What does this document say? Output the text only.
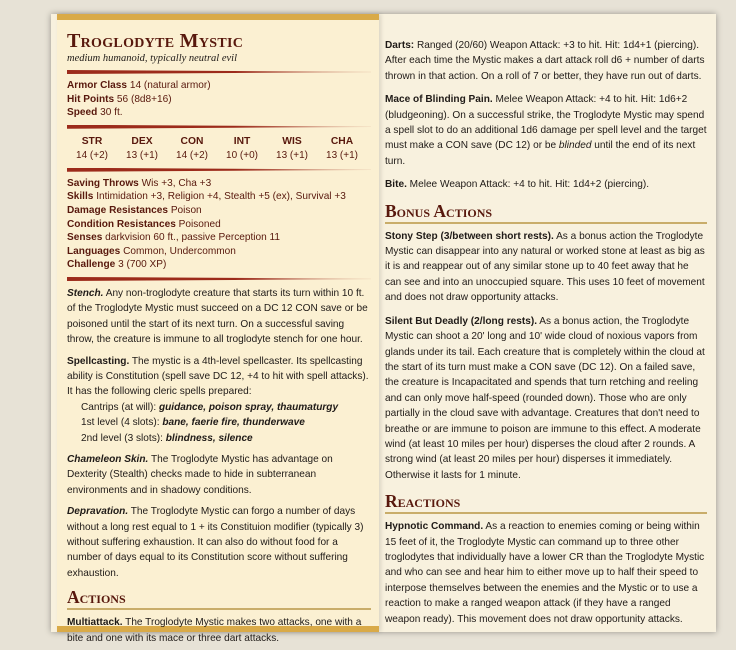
Troglodyte Mystic
medium humanoid, typically neutral evil
Armor Class 14 (natural armor)
Hit Points 56 (8d8+16)
Speed 30 ft.
STR
14 (+2)
DEX
13 (+1)
CON
14 (+2)
INT
10 (+0)
WIS
13 (+1)
CHA
13 (+1)
Saving Throws Wis +3, Cha +3
Skills Intimidation +3, Religion +4, Stealth +5 (ex), Survival +3
Damage Resistances Poison
Condition Resistances Poisoned
Senses darkvision 60 ft., passive Perception 11
Languages Common, Undercommon
Challenge 3 (700 XP)

Stench. Any non-troglodyte creature that starts its turn within 10 ft. of the Troglodyte Mystic must succeed on a DC 12 CON save or be poisoned until the start of its next turn. On a successful saving throw, the creature is immune to all troglodyte stench for one hour.

Spellcasting. The mystic is a 4th-level spellcaster. Its spellcasting ability is Constitution (spell save DC 12, +4 to hit with spell attacks). It has the following cleric spells prepared:

Cantrips (at will): guidance, poison spray, thaumaturgy

1st level (4 slots): bane, faerie fire, thunderwave

2nd level (3 slots): blindness, silence

Chameleon Skin. The Troglodyte Mystic has advantage on Dexterity (Stealth) checks made to hide in subterranean environments and in shadowy conditions.

Depravation. The Troglodyte Mystic can forgo a number of days without a long rest equal to 1 + its Constituion modifier (typically 3) without suffering exhaustion. It can also do without food for a number of days equal to its Constitution score without suffering exhaustion.

Actions

Multiattack. The Troglodyte Mystic makes two attacks, one with a bite and one with its mace or three dart attacks.

Darts: Ranged (20/60) Weapon Attack: +3 to hit. Hit: 1d4+1 (piercing). After each time the Mystic makes a dart attack roll d6 + number of darts thrown in that action. On a roll of 7 or better, they have run out of darts.

Mace of Blinding Pain. Melee Weapon Attack: +4 to hit. Hit: 1d6+2 (bludgeoning). On a successful strike, the Troglodyte Mystic may spend a spell slot to do an additional 1d6 damage per spell level and the target must make a CON save (DC 12) or be blinded until the end of its next turn.

Bite. Melee Weapon Attack: +4 to hit. Hit: 1d4+2 (piercing).

Bonus Actions

Stony Step (3/between short rests). As a bonus action the Troglodyte Mystic can disappear into any natural or worked stone at least as big as it is and reappear out of any similar stone up to 40 feet away that he can see and into an unoccupied square. This uses 10 feet of movement and does not draw opportunity attacks.

Silent But Deadly (2/long rests). As a bonus action, the Troglodyte Mystic can shoot a 20' long and 10' wide cloud of noxious vapors from glands under its tail. Each creature that is completely within the cloud at the start of its turn must make a CON save (DC 12). On a failed save, the creature is Incapacitated and spends that turn retching and reeling and can only move half-speed (rounded down). Those who are only partially in the cloud save with advantage. Creatures that don't need to breathe or are immune to poison are immune to this effect. A moderate wind (at least 10 miles per hour) disperses the cloud after 2 rounds. A strong wind (at least 20 miles per hour) disperses it immediately. Otherwise it lasts for 1 minute.

Reactions

Hypnotic Command. As a reaction to enemies coming or being within 15 feet of it, the Troglodyte Mystic can command up to three other troglodytes that individually have a lower CR than the Troglodyte Mystic and who can see and hear him to either move up to half their speed to interpose themselves between the enemies and the Mystic or to use a reaction to make a ranged weapon attack (if they have a ranged weapon ready). This movement does not draw opportunity attacks.
